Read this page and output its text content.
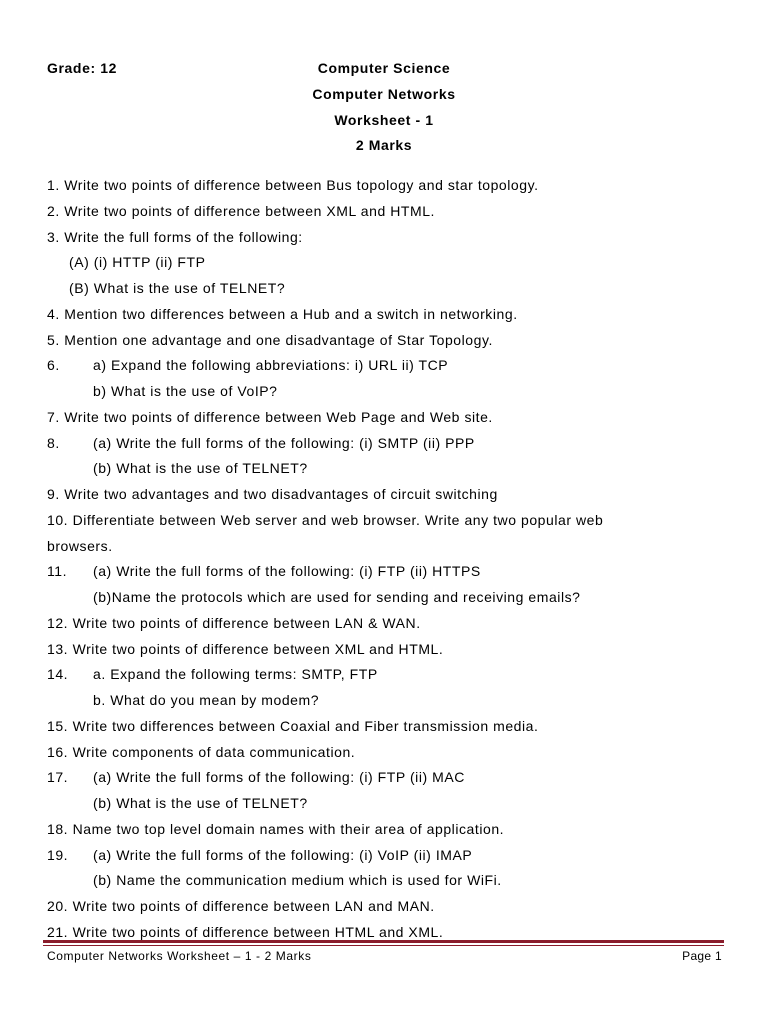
Grade: 12	Computer Science
Computer Networks
Worksheet - 1
2 Marks
1. Write two points of difference between Bus topology and star topology.
2. Write two points of difference between XML and HTML.
3. Write the full forms of the following:
(A) (i) HTTP (ii) FTP
(B) What is the use of TELNET?
4. Mention two differences between a Hub and a switch in networking.
5. Mention one advantage and one disadvantage of Star Topology.
6. a) Expand the following abbreviations: i) URL ii) TCP
b) What is the use of VoIP?
7. Write two points of difference between Web Page and Web site.
8. (a) Write the full forms of the following: (i) SMTP (ii) PPP
(b) What is the use of TELNET?
9. Write two advantages and two disadvantages of circuit switching
10. Differentiate between Web server and web browser. Write any two popular web
browsers.
11. (a) Write the full forms of the following: (i) FTP (ii) HTTPS
(b)Name the protocols which are used for sending and receiving emails?
12. Write two points of difference between LAN & WAN.
13. Write two points of difference between XML and HTML.
14. a. Expand the following terms: SMTP, FTP
b. What do you mean by modem?
15. Write two differences between Coaxial and Fiber transmission media.
16. Write components of data communication.
17. (a) Write the full forms of the following: (i) FTP (ii) MAC
(b) What is the use of TELNET?
18. Name two top level domain names with their area of application.
19. (a) Write the full forms of the following: (i) VoIP (ii) IMAP
(b) Name the communication medium which is used for WiFi.
20. Write two points of difference between LAN and MAN.
21. Write two points of difference between HTML and XML.
Computer Networks Worksheet – 1 - 2 Marks	Page 1
